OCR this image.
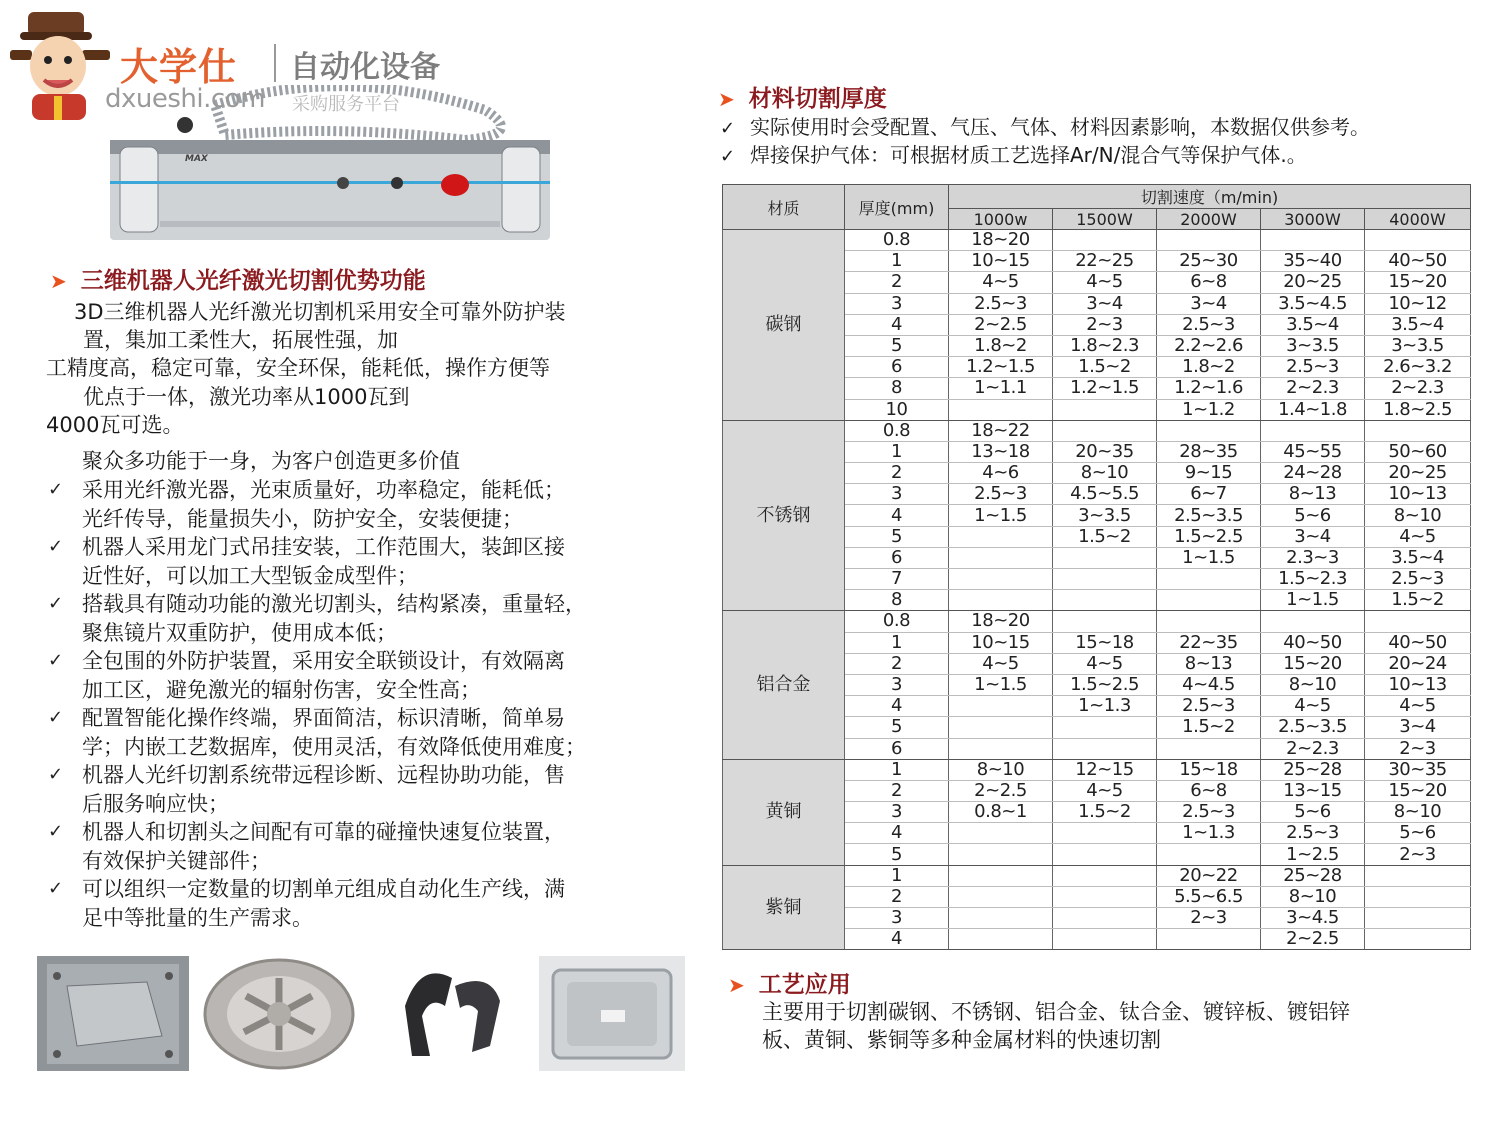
大学仕 自动化设备
MAX
dxueshi.com 采购服务平台
➤ 三维机器人光纤激光切割优势功能
3D三维机器人光纤激光切割机采用安全可靠外防护装
置，集加工柔性大，拓展性强，加
工精度高，稳定可靠，安全环保，能耗低，操作方便等
优点于一体，激光功率从1000瓦到
4000瓦可选。
聚众多功能于一身，为客户创造更多价值
✓ 采用光纤激光器，光束质量好，功率稳定，能耗低；
光纤传导，能量损失小，防护安全，安装便捷；
✓ 机器人采用龙门式吊挂安装，工作范围大，装卸区接
近性好，可以加工大型钣金成型件；
✓ 搭载具有随动功能的激光切割头，结构紧凑，重量轻，
聚焦镜片双重防护，使用成本低；
✓ 全包围的外防护装置，采用安全联锁设计，有效隔离
加工区，避免激光的辐射伤害，安全性高；
✓ 配置智能化操作终端，界面简洁，标识清晰，简单易
学；内嵌工艺数据库，使用灵活，有效降低使用难度；
✓ 机器人光纤切割系统带远程诊断、远程协助功能，售
后服务响应快；
✓ 机器人和切割头之间配有可靠的碰撞快速复位装置，
有效保护关键部件；
✓ 可以组织一定数量的切割单元组成自动化生产线，满
足中等批量的生产需求。
➤ 材料切割厚度
✓ 实际使用时会受配置、气压、气体、材料因素影响，本数据仅供参考。
✓ 焊接保护气体：可根据材质工艺选择Ar/N/混合气等保护气体.。
材质	厚度(mm)	切割速度（m/min)				
		1000w	1500W	2000W	3000W	4000W
碳钢	0.8	18~20				
	1	10~15	22~25	25~30	35~40	40~50
	2	4~5	4~5	6~8	20~25	15~20
	3	2.5~3	3~4	3~4	3.5~4.5	10~12
	4	2~2.5	2~3	2.5~3	3.5~4	3.5~4
	5	1.8~2	1.8~2.3	2.2~2.6	3~3.5	3~3.5
	6	1.2~1.5	1.5~2	1.8~2	2.5~3	2.6~3.2
	8	1~1.1	1.2~1.5	1.2~1.6	2~2.3	2~2.3
	10			1~1.2	1.4~1.8	1.8~2.5
不锈钢	0.8	18~22				
	1	13~18	20~35	28~35	45~55	50~60
	2	4~6	8~10	9~15	24~28	20~25
	3	2.5~3	4.5~5.5	6~7	8~13	10~13
	4	1~1.5	3~3.5	2.5~3.5	5~6	8~10
	5		1.5~2	1.5~2.5	3~4	4~5
	6			1~1.5	2.3~3	3.5~4
	7				1.5~2.3	2.5~3
	8				1~1.5	1.5~2
铝合金	0.8	18~20				
	1	10~15	15~18	22~35	40~50	40~50
	2	4~5	4~5	8~13	15~20	20~24
	3	1~1.5	1.5~2.5	4~4.5	8~10	10~13
	4		1~1.3	2.5~3	4~5	4~5
	5			1.5~2	2.5~3.5	3~4
	6				2~2.3	2~3
黄铜	1	8~10	12~15	15~18	25~28	30~35
	2	2~2.5	4~5	6~8	13~15	15~20
	3	0.8~1	1.5~2	2.5~3	5~6	8~10
	4			1~1.3	2.5~3	5~6
	5				1~2.5	2~3
紫铜	1			20~22	25~28	
	2			5.5~6.5	8~10	
	3			2~3	3~4.5	
	4				2~2.5	
➤ 工艺应用
主要用于切割碳钢、不锈钢、铝合金、钛合金、镀锌板、镀铝锌
板、黄铜、紫铜等多种金属材料的快速切割
